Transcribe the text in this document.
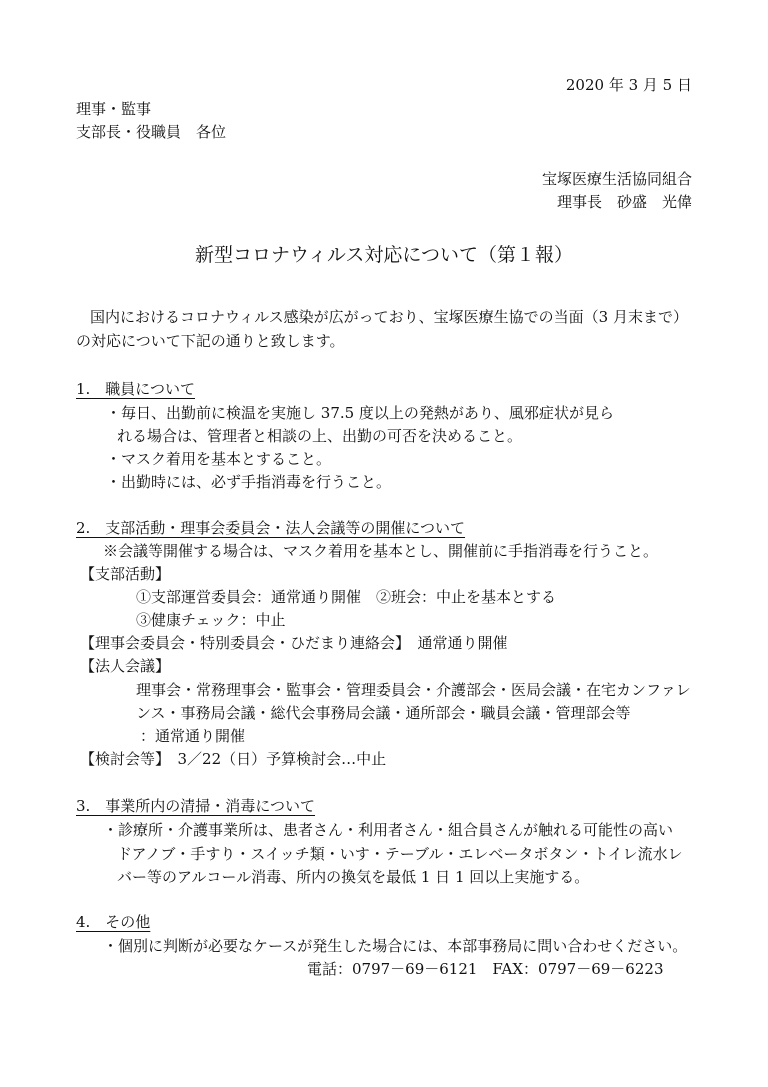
2020 年 3 月 5 日
理事・監事
支部長・役職員　各位
宝塚医療生活協同組合
理事長　砂盛　光偉
新型コロナウィルス対応について（第１報）
国内におけるコロナウィルス感染が広がっており、宝塚医療生協での当面（3 月末まで）
の対応について下記の通りと致します。
1.　職員について
・毎日、出勤前に検温を実施し 37.5 度以上の発熱があり、風邪症状が見ら
れる場合は、管理者と相談の上、出勤の可否を決めること。
・マスク着用を基本とすること。
・出勤時には、必ず手指消毒を行うこと。
2.　支部活動・理事会委員会・法人会議等の開催について
※会議等開催する場合は、マスク着用を基本とし、開催前に手指消毒を行うこと。
【支部活動】
①支部運営委員会：通常通り開催　②班会：中止を基本とする
③健康チェック：中止
【理事会委員会・特別委員会・ひだまり連絡会】　通常通り開催
【法人会議】
理事会・常務理事会・監事会・管理委員会・介護部会・医局会議・在宅カンファレ
ンス・事務局会議・総代会事務局会議・通所部会・職員会議・管理部会等
：通常通り開催
【検討会等】　3／22（日）予算検討会…中止
3.　事業所内の清掃・消毒について
・診療所・介護事業所は、患者さん・利用者さん・組合員さんが触れる可能性の高い
ドアノブ・手すり・スイッチ類・いす・テーブル・エレベータボタン・トイレ流水レ
バー等のアルコール消毒、所内の換気を最低 1 日 1 回以上実施する。
4.　その他
・個別に判断が必要なケースが発生した場合には、本部事務局に問い合わせください。
電話：0797－69－6121　FAX：0797－69－6223
